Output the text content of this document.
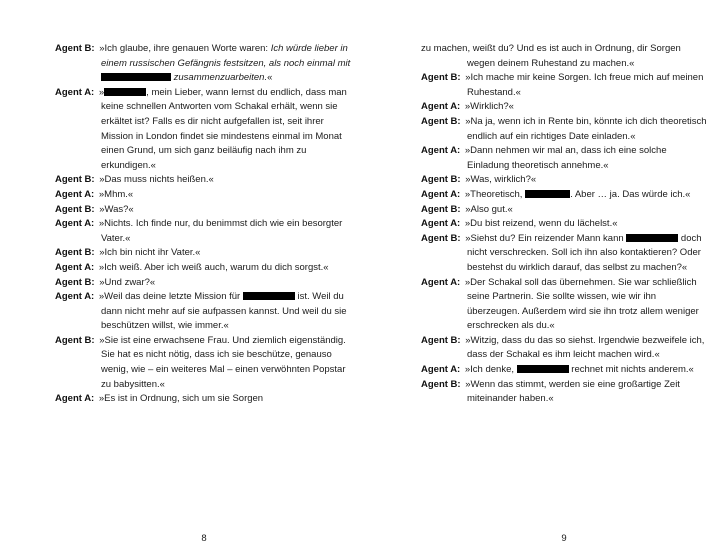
Agent B: »Ich glaube, ihre genauen Worte waren: Ich würde lieber in einem russischen Gefängnis festsitzen, als noch einmal mit  zusammenzuarbeiten.«
Agent A: »	, mein Lieber, wann lernst du endlich, dass man keine schnellen Antworten vom Schakal erhält, wenn sie erkältet ist? Falls es dir nicht aufgefallen ist, seit ihrer Mission in London findet sie mindestens einmal im Monat einen Grund, um sich ganz beiläufig nach ihm zu erkundigen.«
Agent B: »Das muss nichts heißen.«
Agent A: »Mhm.«
Agent B: »Was?«
Agent A: »Nichts. Ich finde nur, du benimmst dich wie ein besorgter Vater.«
Agent B: »Ich bin nicht ihr Vater.«
Agent A: »Ich weiß. Aber ich weiß auch, warum du dich sorgst.«
Agent B: »Und zwar?«
Agent A: »Weil das deine letzte Mission für	ist. Weil du dann nicht mehr auf sie aufpassen kannst. Und weil du sie beschützen willst, wie immer.«
Agent B: »Sie ist eine erwachsene Frau. Und ziemlich eigenständig. Sie hat es nicht nötig, dass ich sie beschütze, genauso wenig, wie – ein weiteres Mal – einen verwöhnten Popstar zu babysitten.«
Agent A: »Es ist in Ordnung, sich um sie Sorgen
8
zu machen, weißt du? Und es ist auch in Ordnung, dir Sorgen wegen deinem Ruhestand zu machen.«
Agent B: »Ich mache mir keine Sorgen. Ich freue mich auf meinen Ruhestand.«
Agent A: »Wirklich?«
Agent B: »Na ja, wenn ich in Rente bin, könnte ich dich theoretisch endlich auf ein richtiges Date einladen.«
Agent A: »Dann nehmen wir mal an, dass ich eine solche Einladung theoretisch annehme.«
Agent B: »Was, wirklich?«
Agent A: »Theoretisch,	. Aber … ja. Das würde ich.«
Agent B: »Also gut.«
Agent A: »Du bist reizend, wenn du lächelst.«
Agent B: »Siehst du? Ein reizender Mann kann	doch nicht verschrecken. Soll ich ihn also kontaktieren? Oder bestehst du wirklich darauf, das selbst zu machen?«
Agent A: »Der Schakal soll das übernehmen. Sie war schließlich seine Partnerin. Sie sollte wissen, wie wir ihn überzeugen. Außerdem wird sie ihn trotz allem weniger erschrecken als du.«
Agent B: »Witzig, dass du das so siehst. Irgendwie bezweifele ich, dass der Schakal es ihm leicht machen wird.«
Agent A: »Ich denke,	rechnet mit nichts anderem.«
Agent B: »Wenn das stimmt, werden sie eine großartige Zeit miteinander haben.«
9
